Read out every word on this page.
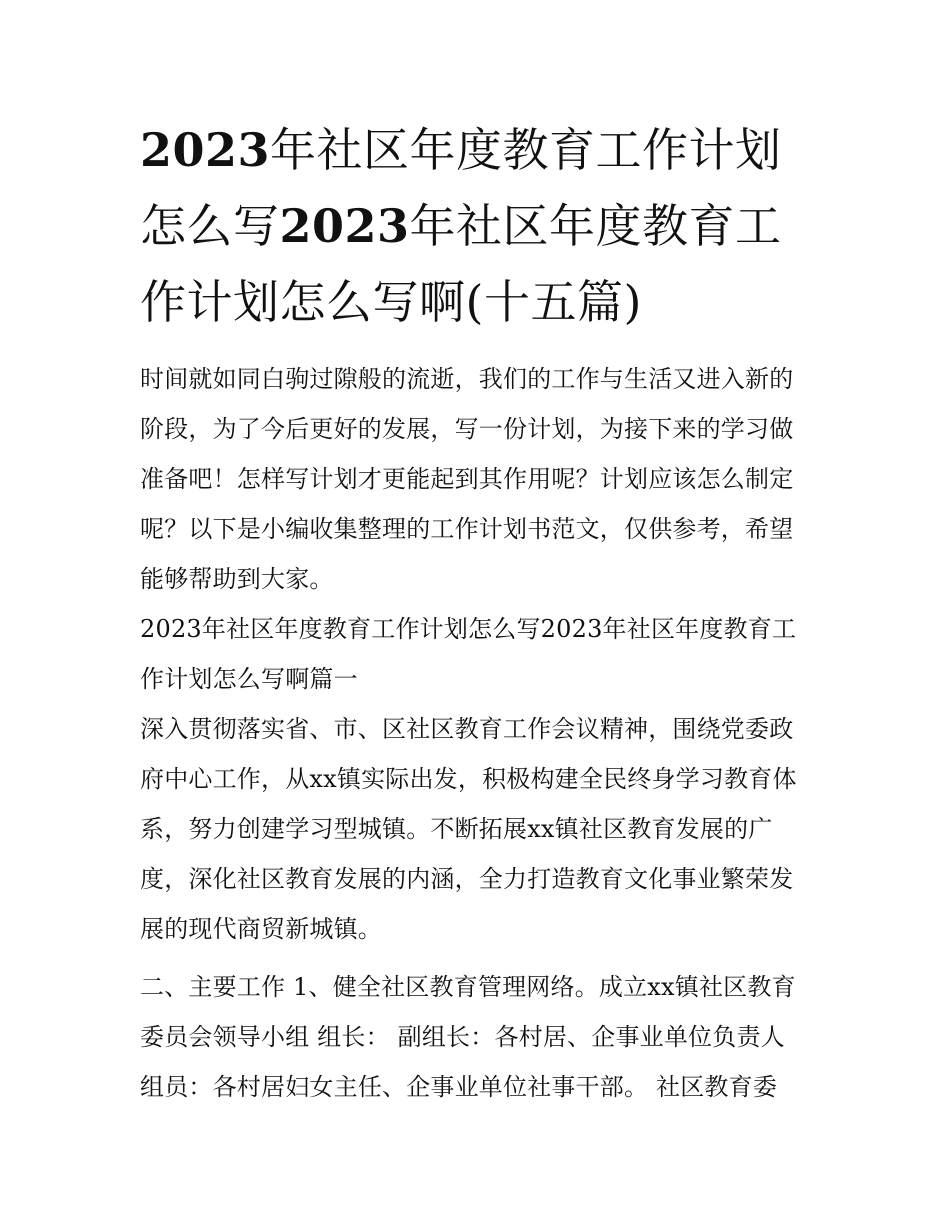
2023年社区年度教育工作计划怎么写2023年社区年度教育工作计划怎么写啊(十五篇)

时间就如同白驹过隙般的流逝，我们的工作与生活又进入新的阶段，为了今后更好的发展，写一份计划，为接下来的学习做准备吧！怎样写计划才更能起到其作用呢？计划应该怎么制定呢？以下是小编收集整理的工作计划书范文，仅供参考，希望能够帮助到大家。

2023年社区年度教育工作计划怎么写2023年社区年度教育工作计划怎么写啊篇一

深入贯彻落实省、市、区社区教育工作会议精神，围绕党委政府中心工作，从xx镇实际出发，积极构建全民终身学习教育体系，努力创建学习型城镇。不断拓展xx镇社区教育发展的广度，深化社区教育发展的内涵，全力打造教育文化事业繁荣发展的现代商贸新城镇。

二、主要工作 1、健全社区教育管理网络。成立xx镇社区教育委员会领导小组 组长： 副组长：各村居、企事业单位负责人 组员：各村居妇女主任、企事业单位社事干部。 社区教育委
